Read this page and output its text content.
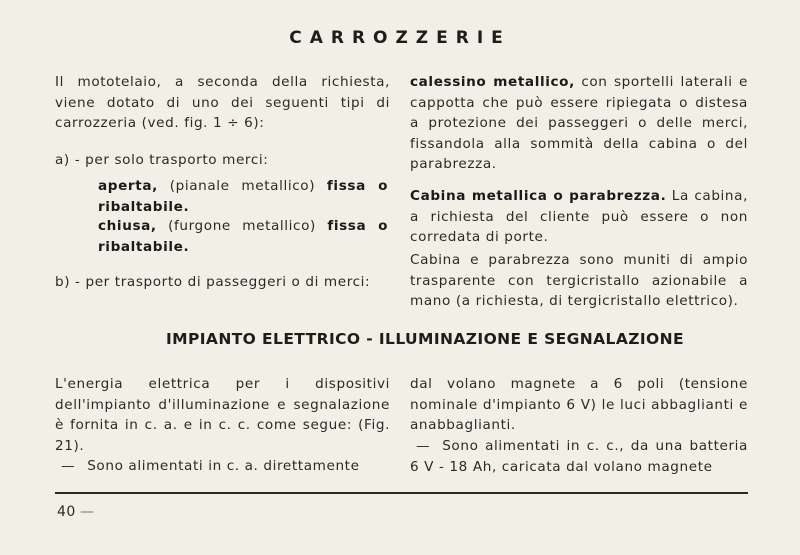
CARROZZERIE

Il mototelaio, a seconda della richiesta, viene dotato di uno dei seguenti tipi di carrozzeria (ved. fig. 1 ÷ 6):

a) - per solo trasporto merci:

aperta, (pianale metallico) fissa o ribaltabile.

chiusa, (furgone metallico) fissa o ribaltabile.

b) - per trasporto di passeggeri o di merci:

calessino metallico, con sportelli laterali e cappotta che può essere ripiegata o distesa a protezione dei passeggeri o delle merci, fissandola alla sommità della cabina o del parabrezza.

Cabina metallica o parabrezza. La cabina, a richiesta del cliente può essere o non corredata di porte.

Cabina e parabrezza sono muniti di ampio trasparente con tergicristallo azionabile a mano (a richiesta, di tergicristallo elettrico).

IMPIANTO ELETTRICO - ILLUMINAZIONE E SEGNALAZIONE

L'energia elettrica per i dispositivi dell'impianto d'illuminazione e segnalazione è fornita in c. a. e in c. c. come segue: (Fig. 21).

— Sono alimentati in c. a. direttamente

dal volano magnete a 6 poli (tensione nominale d'impianto 6 V) le luci abbaglianti e anabbaglianti.

— Sono alimentati in c. c., da una batteria 6 V - 18 Ah, caricata dal volano magnete

40 —
